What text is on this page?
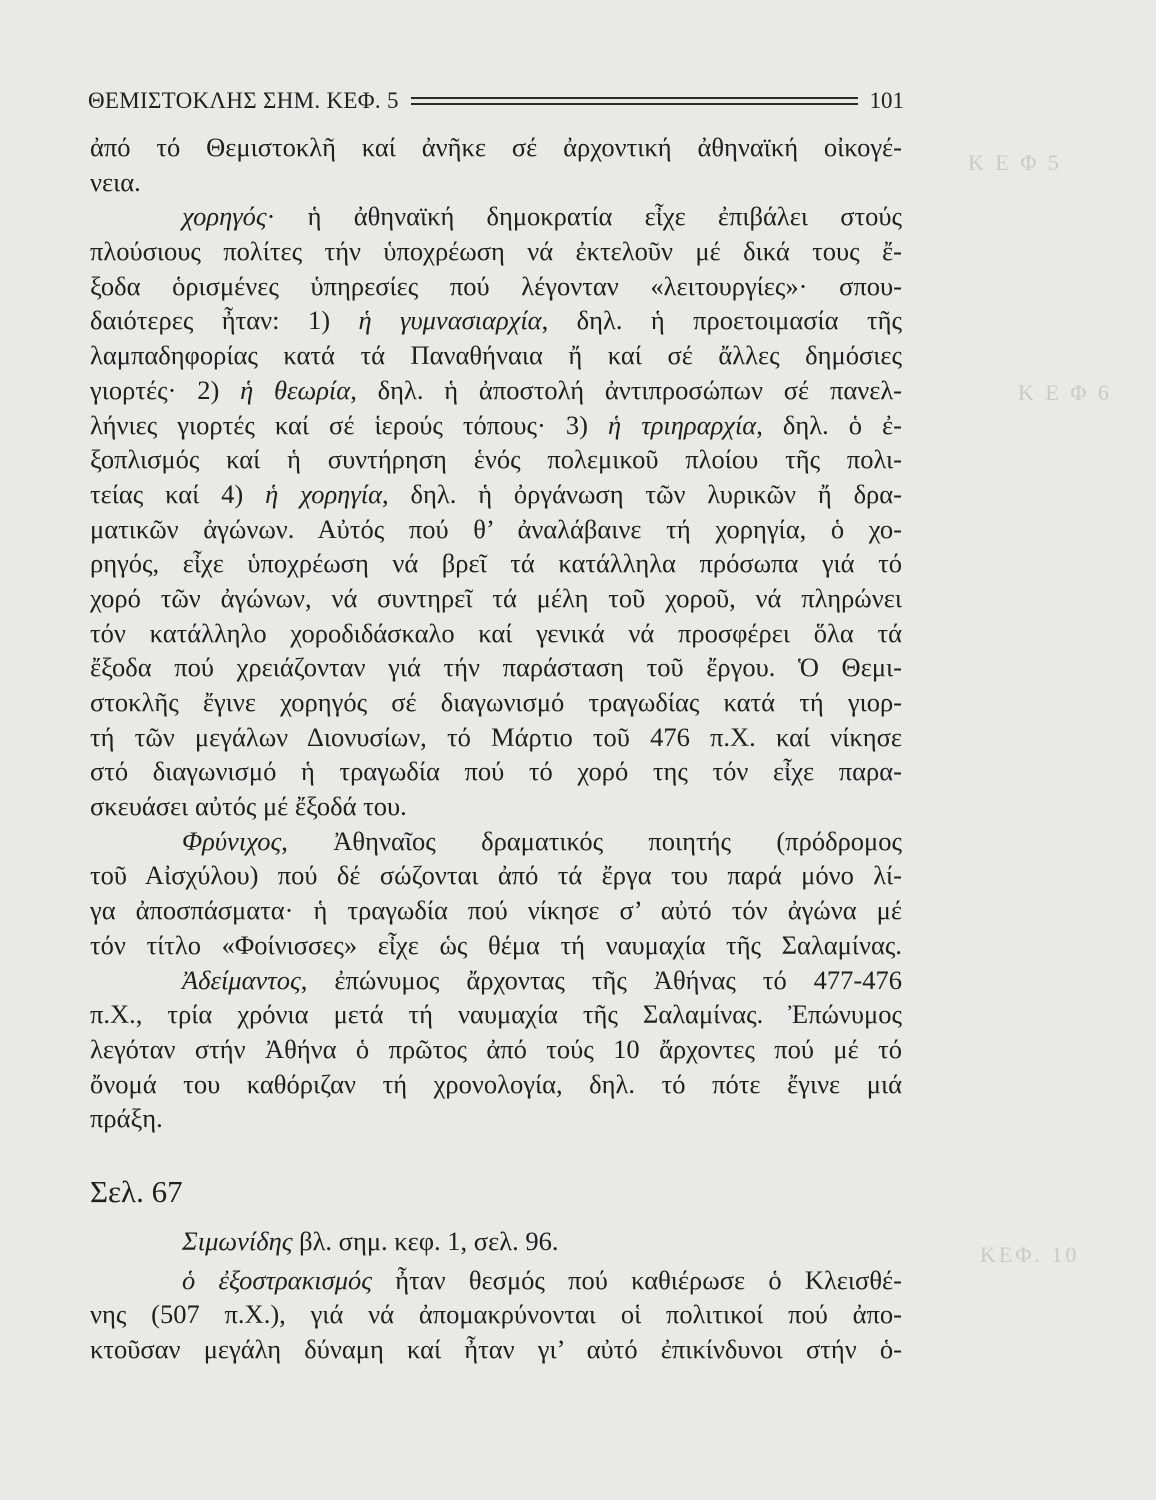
Κ Ε Φ 5
Κ Ε Φ 6
ΚΕΦ. 10
ΘΕΜΙΣΤΟΚΛΗΣ ΣΗΜ. ΚΕΦ. 5	101
ἀπό τό Θεμιστοκλῆ καί ἀνῆκε σέ ἀρχοντική ἀθηναϊκή οἰκογέ-
νεια.
χορηγός· ἡ ἀθηναϊκή δημοκρατία εἶχε ἐπιβάλει στούς
πλούσιους πολίτες τήν ὑποχρέωση νά ἐκτελοῦν μέ δικά τους ἔ-
ξοδα ὁρισμένες ὑπηρεσίες πού λέγονταν «λειτουργίες»· σπου-
δαιότερες ἦταν: 1) ἡ γυμνασιαρχία, δηλ. ἡ προετοιμασία τῆς
λαμπαδηφορίας κατά τά Παναθήναια ἤ καί σέ ἄλλες δημόσιες
γιορτές· 2) ἡ θεωρία, δηλ. ἡ ἀποστολή ἀντιπροσώπων σέ πανελ-
λήνιες γιορτές καί σέ ἱερούς τόπους· 3) ἡ τριηραρχία, δηλ. ὁ ἐ-
ξοπλισμός καί ἡ συντήρηση ἑνός πολεμικοῦ πλοίου τῆς πολι-
τείας καί 4) ἡ χορηγία, δηλ. ἡ ὀργάνωση τῶν λυρικῶν ἤ δρα-
ματικῶν ἀγώνων. Αὐτός πού θ’ ἀναλάβαινε τή χορηγία, ὁ χο-
ρηγός, εἶχε ὑποχρέωση νά βρεῖ τά κατάλληλα πρόσωπα γιά τό
χορό τῶν ἀγώνων, νά συντηρεῖ τά μέλη τοῦ χοροῦ, νά πληρώνει
τόν κατάλληλο χοροδιδάσκαλο καί γενικά νά προσφέρει ὅλα τά
ἔξοδα πού χρειάζονταν γιά τήν παράσταση τοῦ ἔργου. Ὁ Θεμι-
στοκλῆς ἔγινε χορηγός σέ διαγωνισμό τραγωδίας κατά τή γιορ-
τή τῶν μεγάλων Διονυσίων, τό Μάρτιο τοῦ 476 π.Χ. καί νίκησε
στό διαγωνισμό ἡ τραγωδία πού τό χορό της τόν εἶχε παρα-
σκευάσει αὐτός μέ ἔξοδά του.
Φρύνιχος, Ἀθηναῖος δραματικός ποιητής (πρόδρομος
τοῦ Αἰσχύλου) πού δέ σώζονται ἀπό τά ἔργα του παρά μόνο λί-
γα ἀποσπάσματα· ἡ τραγωδία πού νίκησε σ’ αὐτό τόν ἀγώνα μέ
τόν τίτλο «Φοίνισσες» εἶχε ὡς θέμα τή ναυμαχία τῆς Σαλαμίνας.
Ἀδείμαντος, ἐπώνυμος ἄρχοντας τῆς Ἀθήνας τό 477-476
π.Χ., τρία χρόνια μετά τή ναυμαχία τῆς Σαλαμίνας. Ἐπώνυμος
λεγόταν στήν Ἀθήνα ὁ πρῶτος ἀπό τούς 10 ἄρχοντες πού μέ τό
ὄνομά του καθόριζαν τή χρονολογία, δηλ. τό πότε ἔγινε μιά
πράξη.
Σελ. 67
Σιμωνίδης βλ. σημ. κεφ. 1, σελ. 96.
ὁ ἐξοστρακισμός ἦταν θεσμός πού καθιέρωσε ὁ Κλεισθέ-
νης (507 π.Χ.), γιά νά ἀπομακρύνονται οἱ πολιτικοί πού ἀπο-
κτοῦσαν μεγάλη δύναμη καί ἦταν γι’ αὐτό ἐπικίνδυνοι στήν ὁ-
